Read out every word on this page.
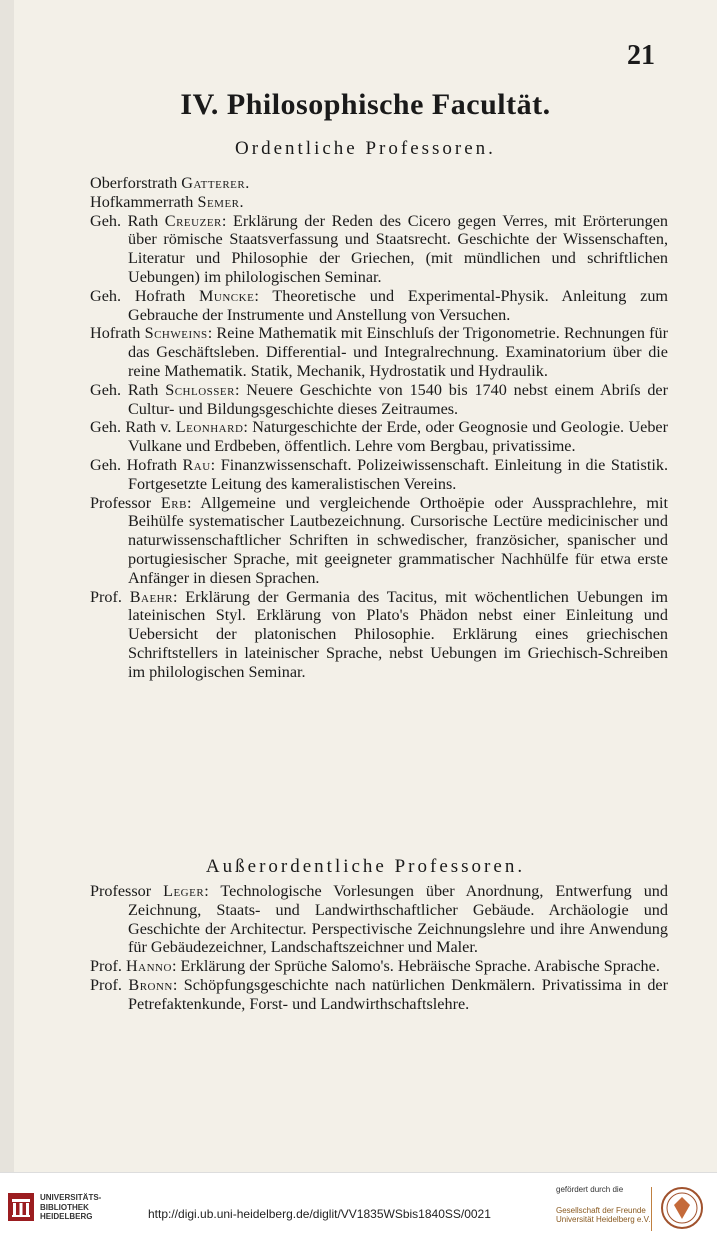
21
IV. Philosophische Facultät.
Ordentliche Professoren.

Oberforstrath Gatterer.

Hofkammerrath Semer.

Geh. Rath Creuzer: Erklärung der Reden des Cicero gegen Verres, mit Erörterungen über römische Staatsverfassung und Staatsrecht. Geschichte der Wissenschaften, Literatur und Philosophie der Griechen, (mit mündlichen und schriftlichen Uebungen) im philologischen Seminar.

Geh. Hofrath Muncke: Theoretische und Experimental-Physik. Anleitung zum Gebrauche der Instrumente und Anstellung von Versuchen.

Hofrath Schweins: Reine Mathematik mit Einschluſs der Trigonometrie. Rechnungen für das Geschäftsleben. Differential- und Integralrechnung. Examinatorium über die reine Mathematik. Statik, Mechanik, Hydrostatik und Hydraulik.

Geh. Rath Schlosser: Neuere Geschichte von 1540 bis 1740 nebst einem Abriſs der Cultur- und Bildungsgeschichte dieses Zeitraumes.

Geh. Rath v. Leonhard: Naturgeschichte der Erde, oder Geognosie und Geologie. Ueber Vulkane und Erdbeben, öffentlich. Lehre vom Bergbau, privatissime.

Geh. Hofrath Rau: Finanzwissenschaft. Polizeiwissenschaft. Einleitung in die Statistik. Fortgesetzte Leitung des kameralistischen Vereins.

Professor Erb: Allgemeine und vergleichende Orthoëpie oder Aussprachlehre, mit Beihülfe systematischer Lautbezeichnung. Cursorische Lectüre medicinischer und naturwissenschaftlicher Schriften in schwedischer, französicher, spanischer und portugiesischer Sprache, mit geeigneter grammatischer Nachhülfe für etwa erste Anfänger in diesen Sprachen.

Prof. Baehr: Erklärung der Germania des Tacitus, mit wöchentlichen Uebungen im lateinischen Styl. Erklärung von Plato's Phädon nebst einer Einleitung und Uebersicht der platonischen Philosophie. Erklärung eines griechischen Schriftstellers in lateinischer Sprache, nebst Uebungen im Griechisch-Schreiben im philologischen Seminar.

Außerordentliche Professoren.

Professor Leger: Technologische Vorlesungen über Anordnung, Entwerfung und Zeichnung, Staats- und Landwirthschaftlicher Gebäude. Archäologie und Geschichte der Architectur. Perspectivische Zeichnungslehre und ihre Anwendung für Gebäudezeichner, Landschaftszeichner und Maler.

Prof. Hanno: Erklärung der Sprüche Salomo's. Hebräische Sprache. Arabische Sprache.

Prof. Bronn: Schöpfungsgeschichte nach natürlichen Denkmälern. Privatissima in der Petrefaktenkunde, Forst- und Landwirthschaftslehre.

UNIVERSITÄTS-
BIBLIOTHEK
HEIDELBERG	http://digi.ub.uni-heidelberg.de/diglit/VV1835WSbis1840SS/0021
gefördert durch die
Gesellschaft der Freunde
Universität Heidelberg e.V.
